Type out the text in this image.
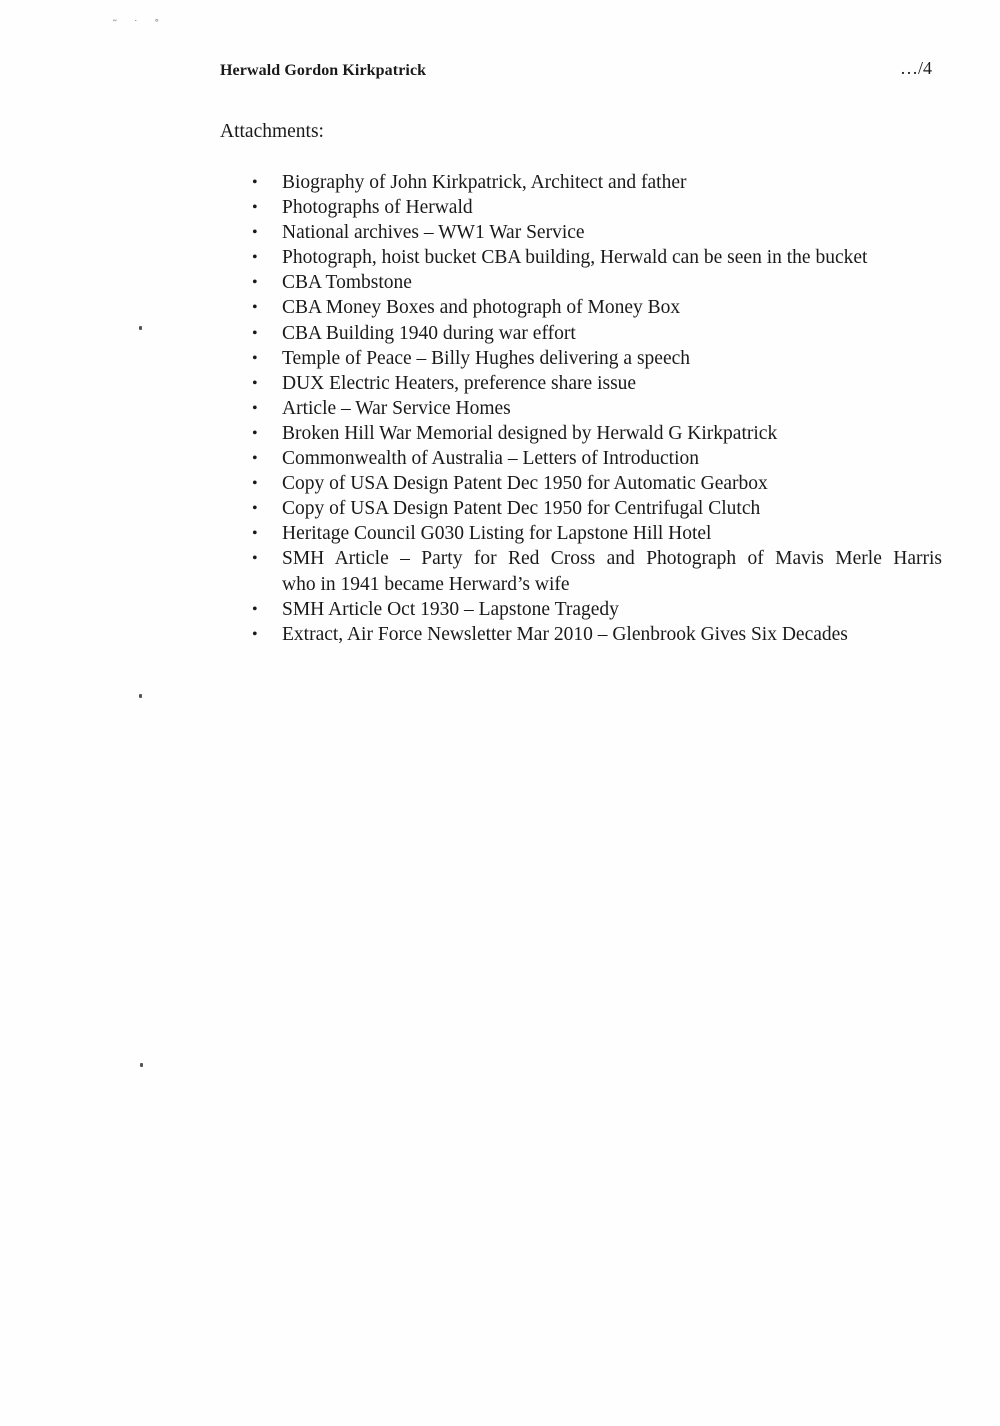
˜ ˙ ˚
Herwald Gordon Kirkpatrick	…/4
Attachments:
• Biography of John Kirkpatrick, Architect and father
• Photographs of Herwald
• National archives – WW1 War Service
• Photograph, hoist bucket CBA building, Herwald can be seen in the bucket
• CBA Tombstone
• CBA Money Boxes and photograph of Money Box
• CBA Building 1940 during war effort
• Temple of Peace – Billy Hughes delivering a speech
• DUX Electric Heaters, preference share issue
• Article – War Service Homes
• Broken Hill War Memorial designed by Herwald G Kirkpatrick
• Commonwealth of Australia – Letters of Introduction
• Copy of USA Design Patent Dec 1950 for Automatic Gearbox
• Copy of USA Design Patent Dec 1950 for Centrifugal Clutch
• Heritage Council G030 Listing for Lapstone Hill Hotel
• SMH Article – Party for Red Cross and Photograph of Mavis Merle Harris
who in 1941 became Herward’s wife
• SMH Article Oct 1930 – Lapstone Tragedy
• Extract, Air Force Newsletter Mar 2010 – Glenbrook Gives Six Decades
